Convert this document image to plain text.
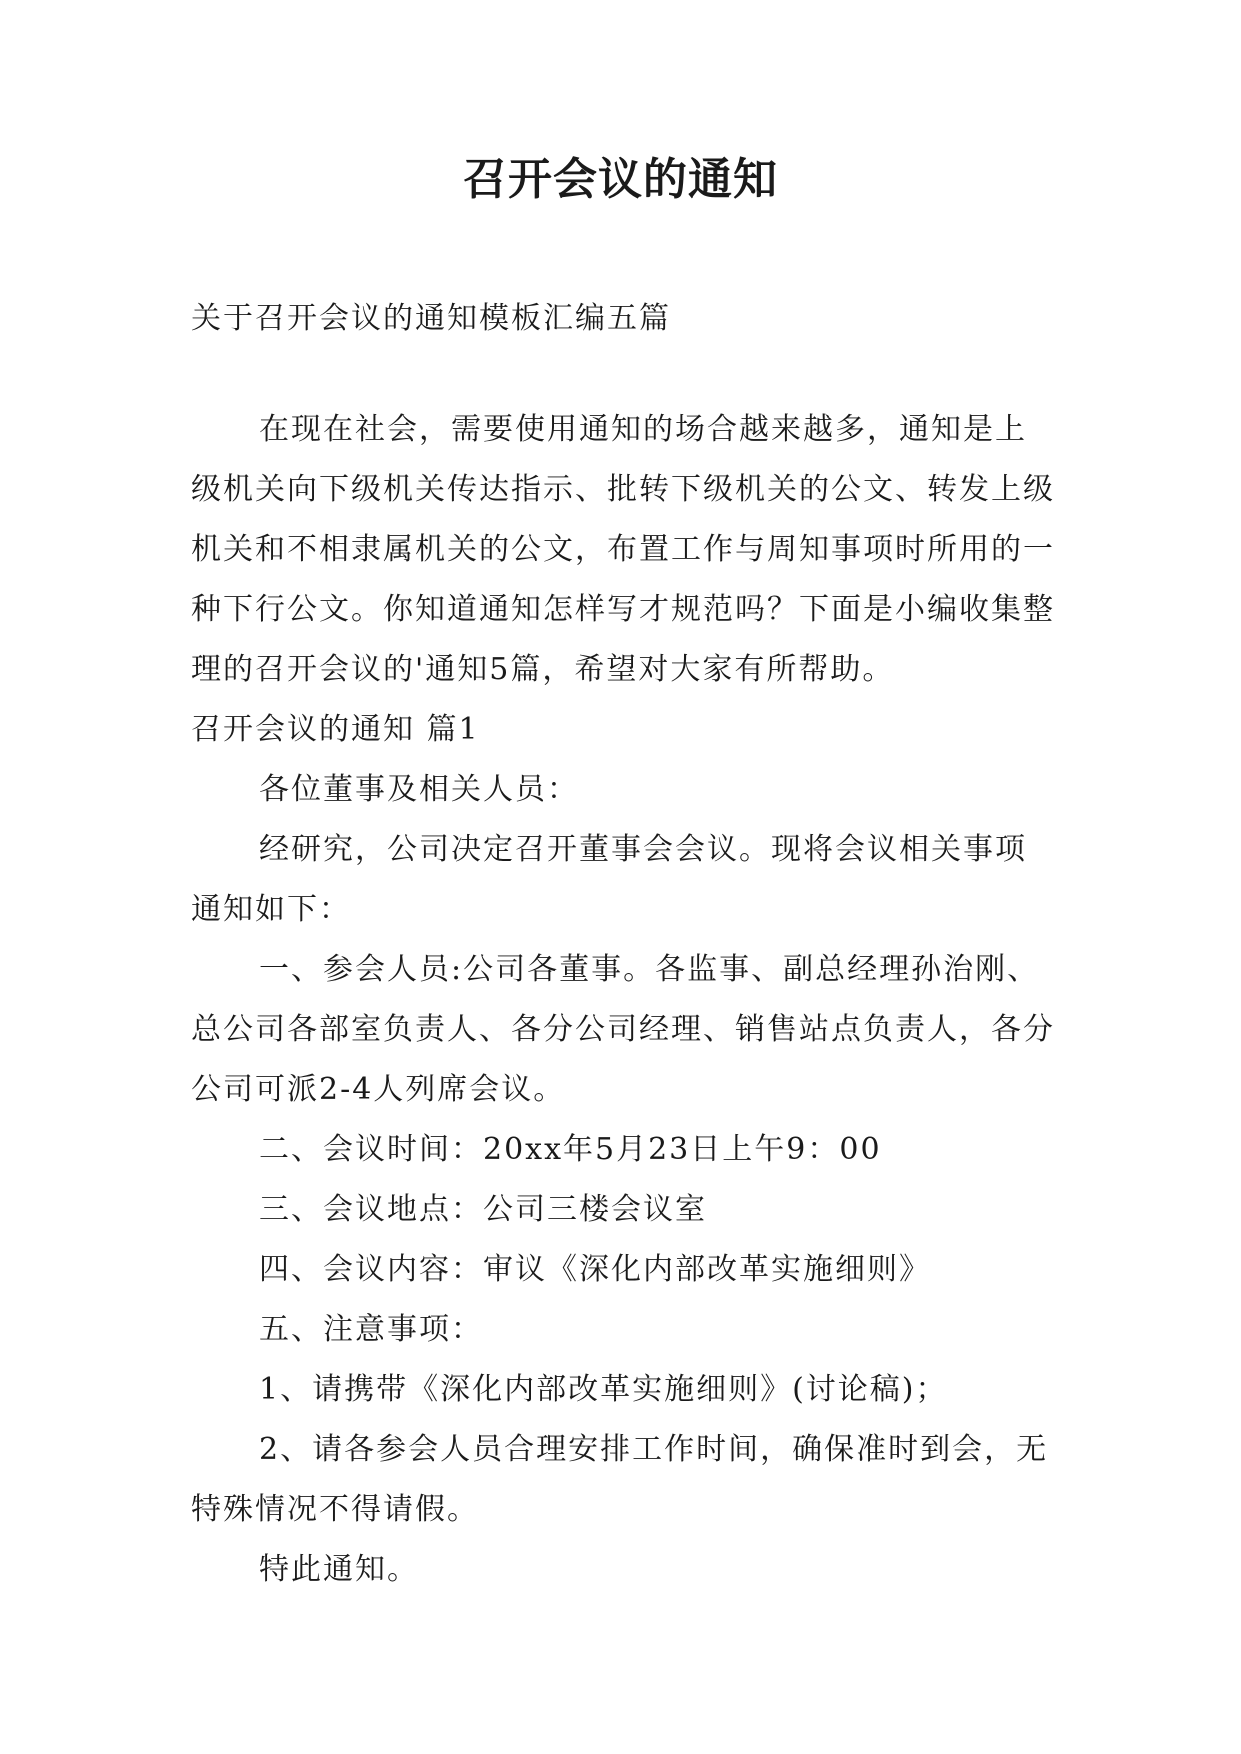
召开会议的通知
关于召开会议的通知模板汇编五篇

在现在社会，需要使用通知的场合越来越多，通知是上级机关向下级机关传达指示、批转下级机关的公文、转发上级机关和不相隶属机关的公文，布置工作与周知事项时所用的一种下行公文。你知道通知怎样写才规范吗？下面是小编收集整理的召开会议的'通知5篇，希望对大家有所帮助。

召开会议的通知 篇1

各位董事及相关人员：

经研究，公司决定召开董事会会议。现将会议相关事项通知如下：

一、参会人员:公司各董事。各监事、副总经理孙治刚、总公司各部室负责人、各分公司经理、销售站点负责人，各分公司可派2-4人列席会议。

二、会议时间：20xx年5月23日上午9：00

三、会议地点：公司三楼会议室

四、会议内容：审议《深化内部改革实施细则》

五、注意事项：

1、请携带《深化内部改革实施细则》(讨论稿)；

2、请各参会人员合理安排工作时间，确保准时到会，无特殊情况不得请假。

特此通知。
